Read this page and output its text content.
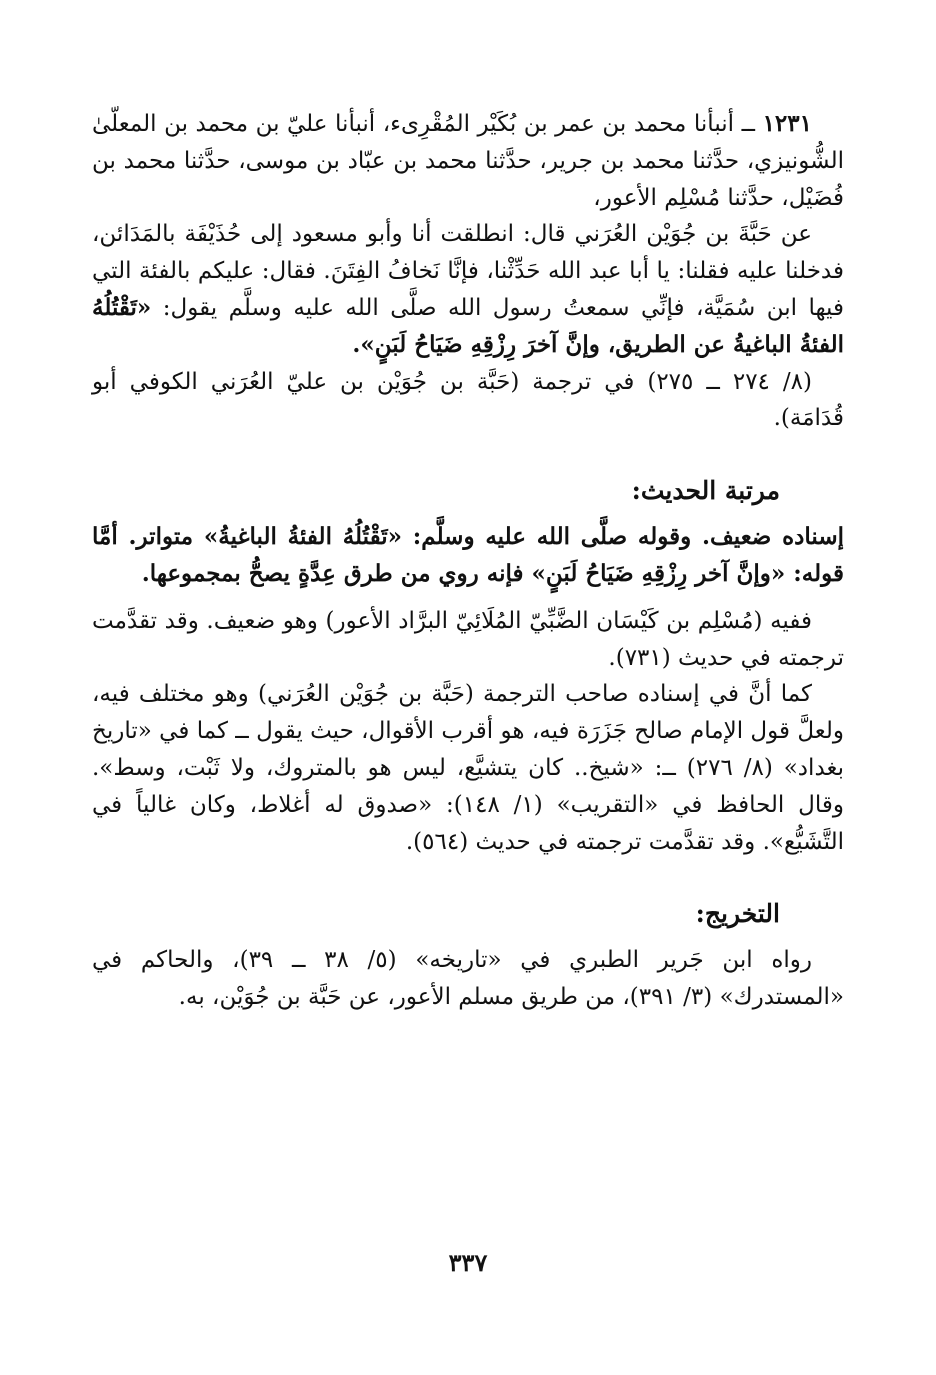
١٢٣١ ــ أنبأنا محمد بن عمر بن بُكَيْر المُقْرِىء، أنبأنا عليّ بن محمد بن المعلّىٰ الشُّونيزي، حدَّثنا محمد بن جرير، حدَّثنا محمد بن عبّاد بن موسى، حدَّثنا محمد بن فُضَيْل، حدَّثنا مُسْلِم الأعور،

عن حَبَّةَ بن جُوَيْن العُرَني قال: انطلقت أنا وأبو مسعود إلى حُذَيْفَة بالمَدَائن، فدخلنا عليه فقلنا: يا أبا عبد الله حَدِّثْنا، فإنَّا نَخافُ الفِتَنَ. فقال: عليكم بالفئة التي فيها ابن سُمَيَّة، فإنِّي سمعتُ رسول الله صلَّى الله عليه وسلَّم يقول: «تَقْتُلُهُ الفئةُ الباغيةُ عن الطريق، وإنَّ آخرَ رِزْقِهِ ضَيَاحُ لَبَنٍ».

(٨/ ٢٧٤ ــ ٢٧٥) في ترجمة (حَبَّة بن جُوَيْن بن عليّ العُرَني الكوفي أبو قُدَامَة).

مرتبة الحديث:

إسناده ضعيف. وقوله صلَّى الله عليه وسلَّم: «تَقْتُلُهُ الفئةُ الباغيةُ» متواتر. أمَّا قوله: «وإنَّ آخر رِزْقِهِ ضَيَاحُ لَبَنٍ» فإنه روي من طرق عِدَّةٍ يصحُّ بمجموعها.

ففيه (مُسْلِم بن كَيْسَان الضَّبِّيّ المُلَائِيّ البرَّاد الأعور) وهو ضعيف. وقد تقدَّمت ترجمته في حديث (٧٣١).

كما أنَّ في إسناده صاحب الترجمة (حَبَّة بن جُوَيْن العُرَني) وهو مختلف فيه، ولعلَّ قول الإمام صالح جَزَرَة فيه، هو أقرب الأقوال، حيث يقول ــ كما في «تاريخ بغداد» (٨/ ٢٧٦) ــ: «شيخ.. كان يتشيَّع، ليس هو بالمتروك، ولا ثَبْت، وسط». وقال الحافظ في «التقريب» (١/ ١٤٨): «صدوق له أغلاط، وكان غالياً في التَّشَيُّع». وقد تقدَّمت ترجمته في حديث (٥٦٤).

التخريج:

رواه ابن جَرير الطبري في «تاريخه» (٥/ ٣٨ ــ ٣٩)، والحاكم في «المستدرك» (٣/ ٣٩١)، من طريق مسلم الأعور، عن حَبَّة بن جُوَيْن، به.

٣٣٧
